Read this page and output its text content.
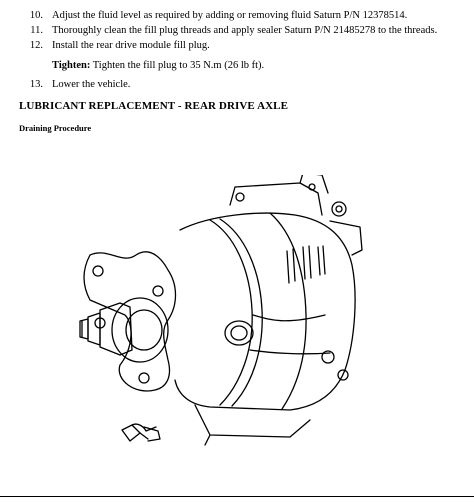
10. Adjust the fluid level as required by adding or removing fluid Saturn P/N 12378514.
11. Thoroughly clean the fill plug threads and apply sealer Saturn P/N 21485278 to the threads.
12. Install the rear drive module fill plug.
Tighten: Tighten the fill plug to 35 N.m (26 lb ft).
13. Lower the vehicle.
LUBRICANT REPLACEMENT - REAR DRIVE AXLE
Draining Procedure
